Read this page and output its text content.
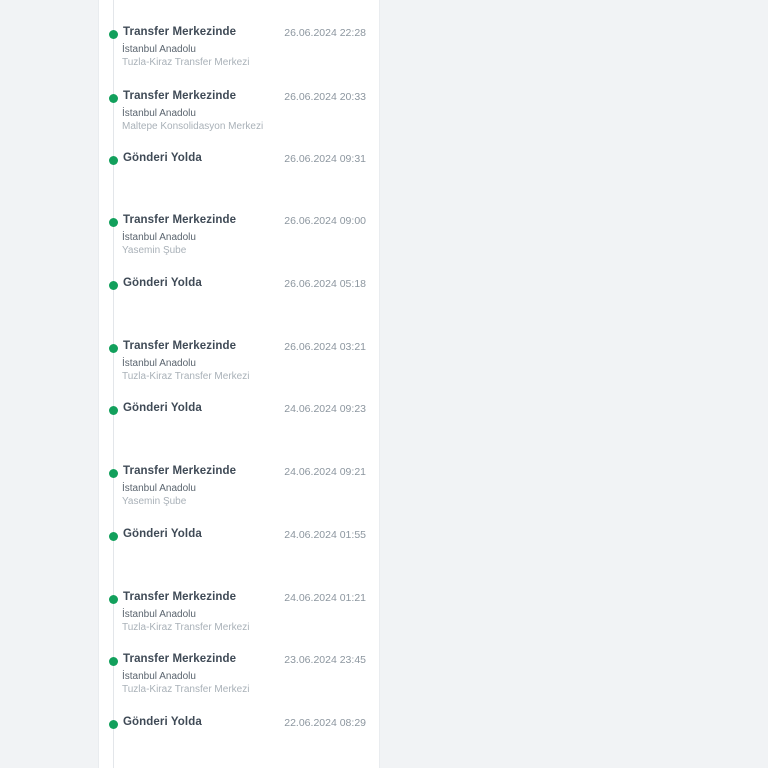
Transfer Merkezinde	26.06.2024 22:28
İstanbul Anadolu
Tuzla-Kiraz Transfer Merkezi
Transfer Merkezinde	26.06.2024 20:33
İstanbul Anadolu
Maltepe Konsolidasyon Merkezi
Gönderi Yolda	26.06.2024 09:31
Transfer Merkezinde	26.06.2024 09:00
İstanbul Anadolu
Yasemin Şube
Gönderi Yolda	26.06.2024 05:18
Transfer Merkezinde	26.06.2024 03:21
İstanbul Anadolu
Tuzla-Kiraz Transfer Merkezi
Gönderi Yolda	24.06.2024 09:23
Transfer Merkezinde	24.06.2024 09:21
İstanbul Anadolu
Yasemin Şube
Gönderi Yolda	24.06.2024 01:55
Transfer Merkezinde	24.06.2024 01:21
İstanbul Anadolu
Tuzla-Kiraz Transfer Merkezi
Transfer Merkezinde	23.06.2024 23:45
İstanbul Anadolu
Tuzla-Kiraz Transfer Merkezi
Gönderi Yolda	22.06.2024 08:29
